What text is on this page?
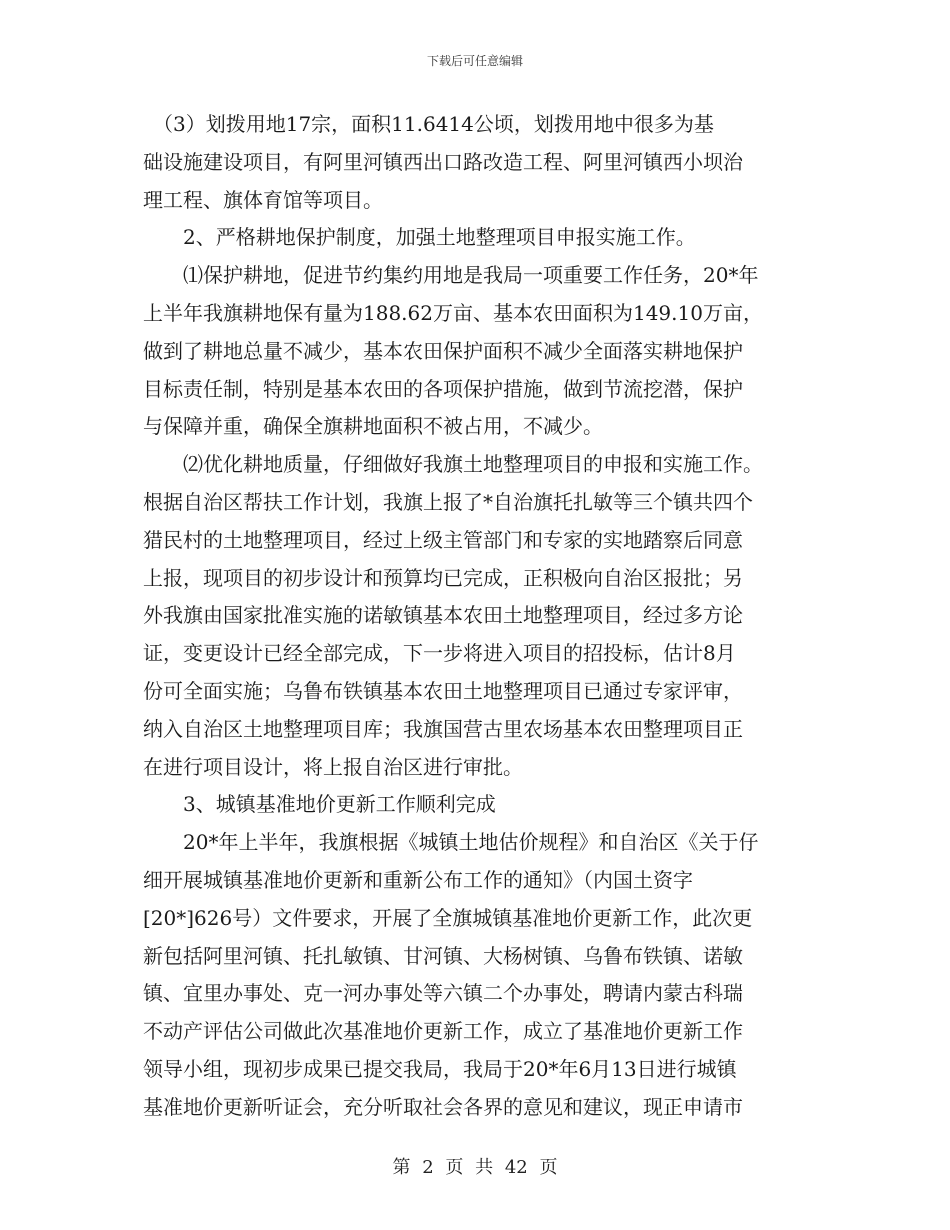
下载后可任意编辑
　（3）划拨用地17宗，面积11.6414公顷，划拨用地中很多为基
础设施建设项目，有阿里河镇西出口路改造工程、阿里河镇西小坝治
理工程、旗体育馆等项目。
　　2、严格耕地保护制度，加强土地整理项目申报实施工作。
　　⑴保护耕地，促进节约集约用地是我局一项重要工作任务，20*年
上半年我旗耕地保有量为188.62万亩、基本农田面积为149.10万亩，
做到了耕地总量不减少，基本农田保护面积不减少全面落实耕地保护
目标责任制，特别是基本农田的各项保护措施，做到节流挖潜，保护
与保障并重，确保全旗耕地面积不被占用，不减少。
　　⑵优化耕地质量，仔细做好我旗土地整理项目的申报和实施工作。
根据自治区帮扶工作计划，我旗上报了*自治旗托扎敏等三个镇共四个
猎民村的土地整理项目，经过上级主管部门和专家的实地踏察后同意
上报，现项目的初步设计和预算均已完成，正积极向自治区报批；另
外我旗由国家批准实施的诺敏镇基本农田土地整理项目，经过多方论
证，变更设计已经全部完成，下一步将进入项目的招投标，估计8月
份可全面实施；乌鲁布铁镇基本农田土地整理项目已通过专家评审，
纳入自治区土地整理项目库；我旗国营古里农场基本农田整理项目正
在进行项目设计，将上报自治区进行审批。
　　3、城镇基准地价更新工作顺利完成
　　20*年上半年，我旗根据《城镇土地估价规程》和自治区《关于仔
细开展城镇基准地价更新和重新公布工作的通知》（内国土资字
[20*]626号）文件要求，开展了全旗城镇基准地价更新工作，此次更
新包括阿里河镇、托扎敏镇、甘河镇、大杨树镇、乌鲁布铁镇、诺敏
镇、宜里办事处、克一河办事处等六镇二个办事处，聘请内蒙古科瑞
不动产评估公司做此次基准地价更新工作，成立了基准地价更新工作
领导小组，现初步成果已提交我局，我局于20*年6月13日进行城镇
基准地价更新听证会，充分听取社会各界的意见和建议，现正申请市
第 2 页 共 42 页
